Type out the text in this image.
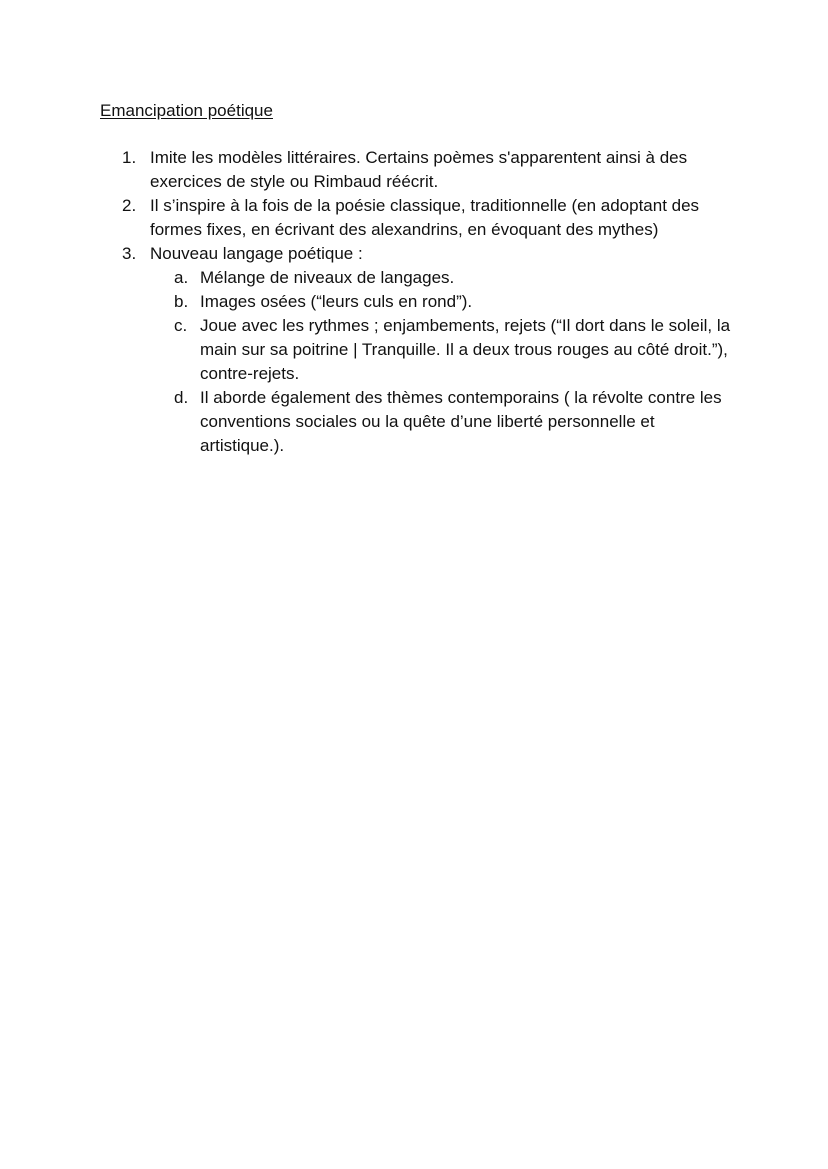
Emancipation poétique
1. Imite les modèles littéraires. Certains poèmes s'apparentent ainsi à des exercices de style ou Rimbaud réécrit.
2. Il s’inspire à la fois de la poésie classique, traditionnelle (en adoptant des formes fixes, en écrivant des alexandrins, en évoquant des mythes)
3. Nouveau langage poétique :
a. Mélange de niveaux de langages.
b. Images osées (“leurs culs en rond”).
c. Joue avec les rythmes ; enjambements, rejets (“Il dort dans le soleil, la main sur sa poitrine | Tranquille. Il a deux trous rouges au côté droit.”), contre-rejets.
d. Il aborde également des thèmes contemporains ( la révolte contre les conventions sociales ou la quête d’une liberté personnelle et artistique.).
